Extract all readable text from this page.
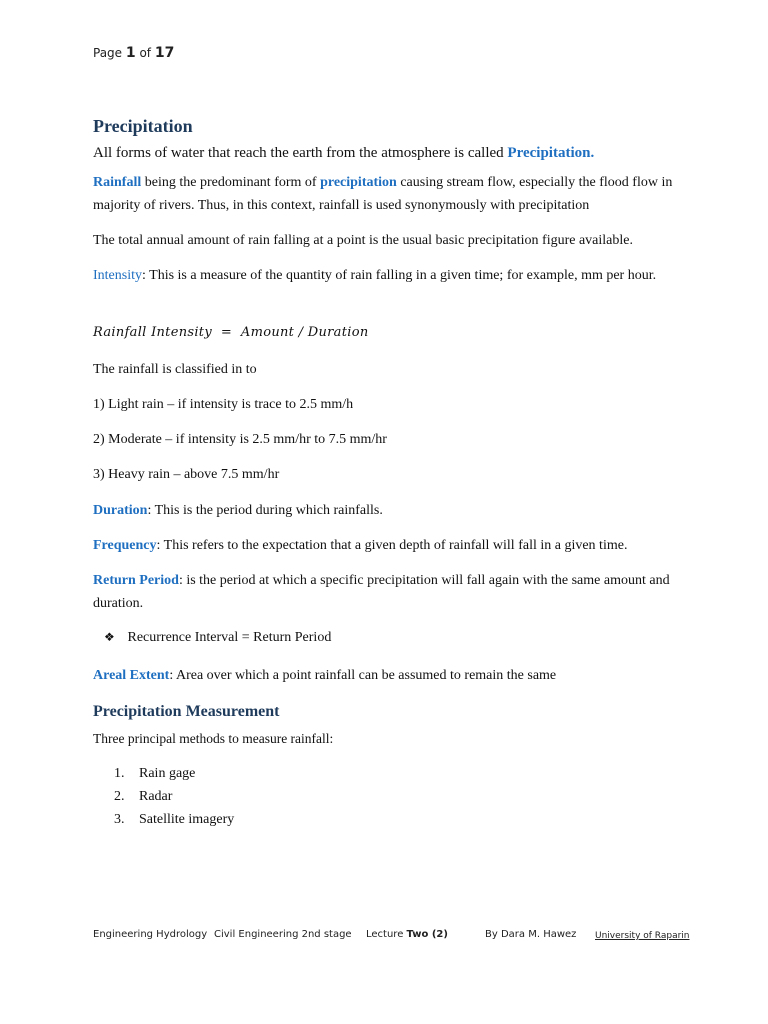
Page 1 of 17
Precipitation
All forms of water that reach the earth from the atmosphere is called Precipitation.
Rainfall being the predominant form of precipitation causing stream flow, especially the flood flow in majority of rivers. Thus, in this context, rainfall is used synonymously with precipitation
The total annual amount of rain falling at a point is the usual basic precipitation figure available.
Intensity: This is a measure of the quantity of rain falling in a given time; for example, mm per hour.
Rainfall Intensity  =  Amount / Duration
The rainfall is classified in to
1) Light rain – if intensity is trace to 2.5 mm/h
2) Moderate – if intensity is 2.5 mm/hr to 7.5 mm/hr
3) Heavy rain – above 7.5 mm/hr
Duration: This is the period during which rainfalls.
Frequency: This refers to the expectation that a given depth of rainfall will fall in a given time.
Return Period: is the period at which a specific precipitation will fall again with the same amount and duration.
❖ Recurrence Interval = Return Period
Areal Extent: Area over which a point rainfall can be assumed to remain the same
Precipitation Measurement
Three principal methods to measure rainfall:
1.	Rain gage
2.	Radar
3.	Satellite imagery
Engineering Hydrology Civil Engineering 2nd stage Lecture Two (2)	By Dara M. Hawez University of Raparin
